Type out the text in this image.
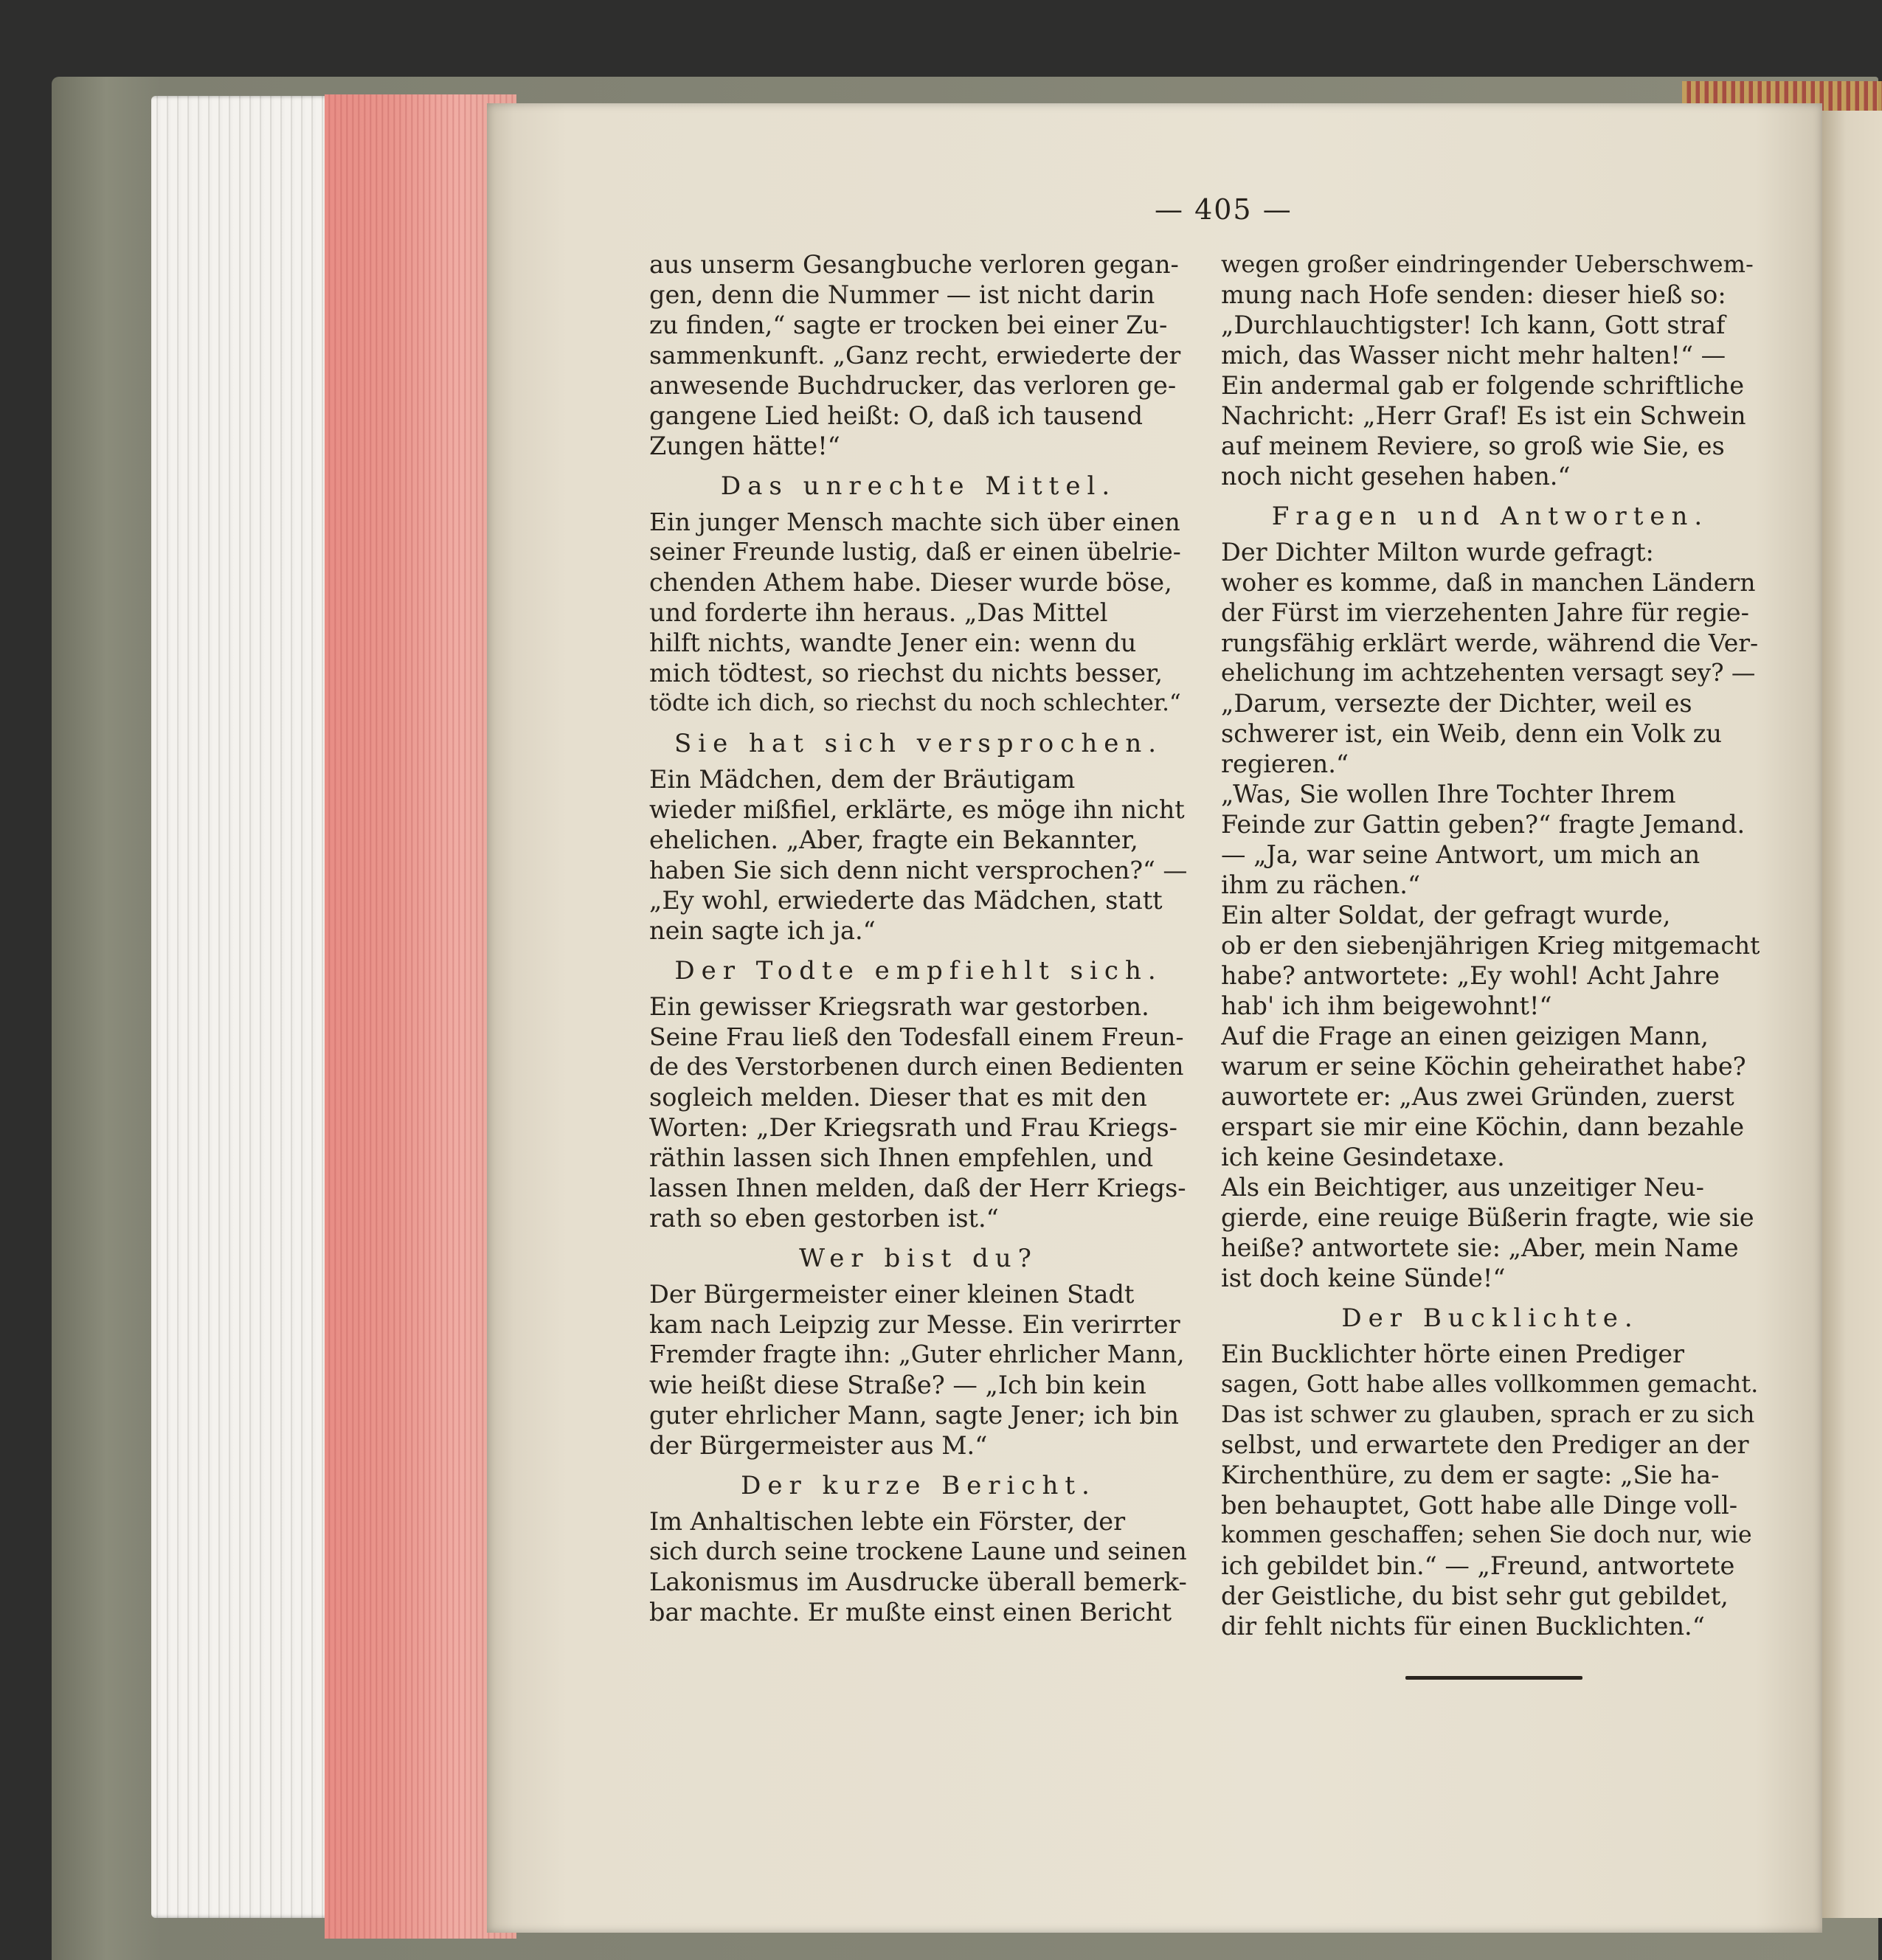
— 405 —
aus unserm Gesangbuche verloren gegan-
gen, denn die Nummer — ist nicht darin
zu finden,“ sagte er trocken bei einer Zu-
sammenkunft. „Ganz recht, erwiederte der
anwesende Buchdrucker, das verloren ge-
gangene Lied heißt: O, daß ich tausend
Zungen hätte!“
Das unrechte Mittel.
Ein junger Mensch machte sich über einen
seiner Freunde lustig, daß er einen übelrie-
chenden Athem habe. Dieser wurde böse,
und forderte ihn heraus. „Das Mittel
hilft nichts, wandte Jener ein: wenn du
mich tödtest, so riechst du nichts besser,
tödte ich dich, so riechst du noch schlechter.“
Sie hat sich versprochen.
Ein Mädchen, dem der Bräutigam
wieder mißfiel, erklärte, es möge ihn nicht
ehelichen. „Aber, fragte ein Bekannter,
haben Sie sich denn nicht versprochen?“ —
„Ey wohl, erwiederte das Mädchen, statt
nein sagte ich ja.“
Der Todte empfiehlt sich.
Ein gewisser Kriegsrath war gestorben.
Seine Frau ließ den Todesfall einem Freun-
de des Verstorbenen durch einen Bedienten
sogleich melden. Dieser that es mit den
Worten: „Der Kriegsrath und Frau Kriegs-
räthin lassen sich Ihnen empfehlen, und
lassen Ihnen melden, daß der Herr Kriegs-
rath so eben gestorben ist.“
Wer bist du?
Der Bürgermeister einer kleinen Stadt
kam nach Leipzig zur Messe. Ein verirrter
Fremder fragte ihn: „Guter ehrlicher Mann,
wie heißt diese Straße? — „Ich bin kein
guter ehrlicher Mann, sagte Jener; ich bin
der Bürgermeister aus M.“
Der kurze Bericht.
Im Anhaltischen lebte ein Förster, der
sich durch seine trockene Laune und seinen
Lakonismus im Ausdrucke überall bemerk-
bar machte. Er mußte einst einen Bericht
wegen großer eindringender Ueberschwem-
mung nach Hofe senden: dieser hieß so:
„Durchlauchtigster! Ich kann, Gott straf
mich, das Wasser nicht mehr halten!“ —
Ein andermal gab er folgende schriftliche
Nachricht: „Herr Graf! Es ist ein Schwein
auf meinem Reviere, so groß wie Sie, es
noch nicht gesehen haben.“
Fragen und Antworten.
Der Dichter Milton wurde gefragt:
woher es komme, daß in manchen Ländern
der Fürst im vierzehenten Jahre für regie-
rungsfähig erklärt werde, während die Ver-
ehelichung im achtzehenten versagt sey? —
„Darum, versezte der Dichter, weil es
schwerer ist, ein Weib, denn ein Volk zu
regieren.“
„Was, Sie wollen Ihre Tochter Ihrem
Feinde zur Gattin geben?“ fragte Jemand.
— „Ja, war seine Antwort, um mich an
ihm zu rächen.“
Ein alter Soldat, der gefragt wurde,
ob er den siebenjährigen Krieg mitgemacht
habe? antwortete: „Ey wohl! Acht Jahre
hab' ich ihm beigewohnt!“
Auf die Frage an einen geizigen Mann,
warum er seine Köchin geheirathet habe?
auwortete er: „Aus zwei Gründen, zuerst
erspart sie mir eine Köchin, dann bezahle
ich keine Gesindetaxe.
Als ein Beichtiger, aus unzeitiger Neu-
gierde, eine reuige Büßerin fragte, wie sie
heiße? antwortete sie: „Aber, mein Name
ist doch keine Sünde!“
Der Bucklichte.
Ein Bucklichter hörte einen Prediger
sagen, Gott habe alles vollkommen gemacht.
Das ist schwer zu glauben, sprach er zu sich
selbst, und erwartete den Prediger an der
Kirchenthüre, zu dem er sagte: „Sie ha-
ben behauptet, Gott habe alle Dinge voll-
kommen geschaffen; sehen Sie doch nur, wie
ich gebildet bin.“ — „Freund, antwortete
der Geistliche, du bist sehr gut gebildet,
dir fehlt nichts für einen Bucklichten.“
